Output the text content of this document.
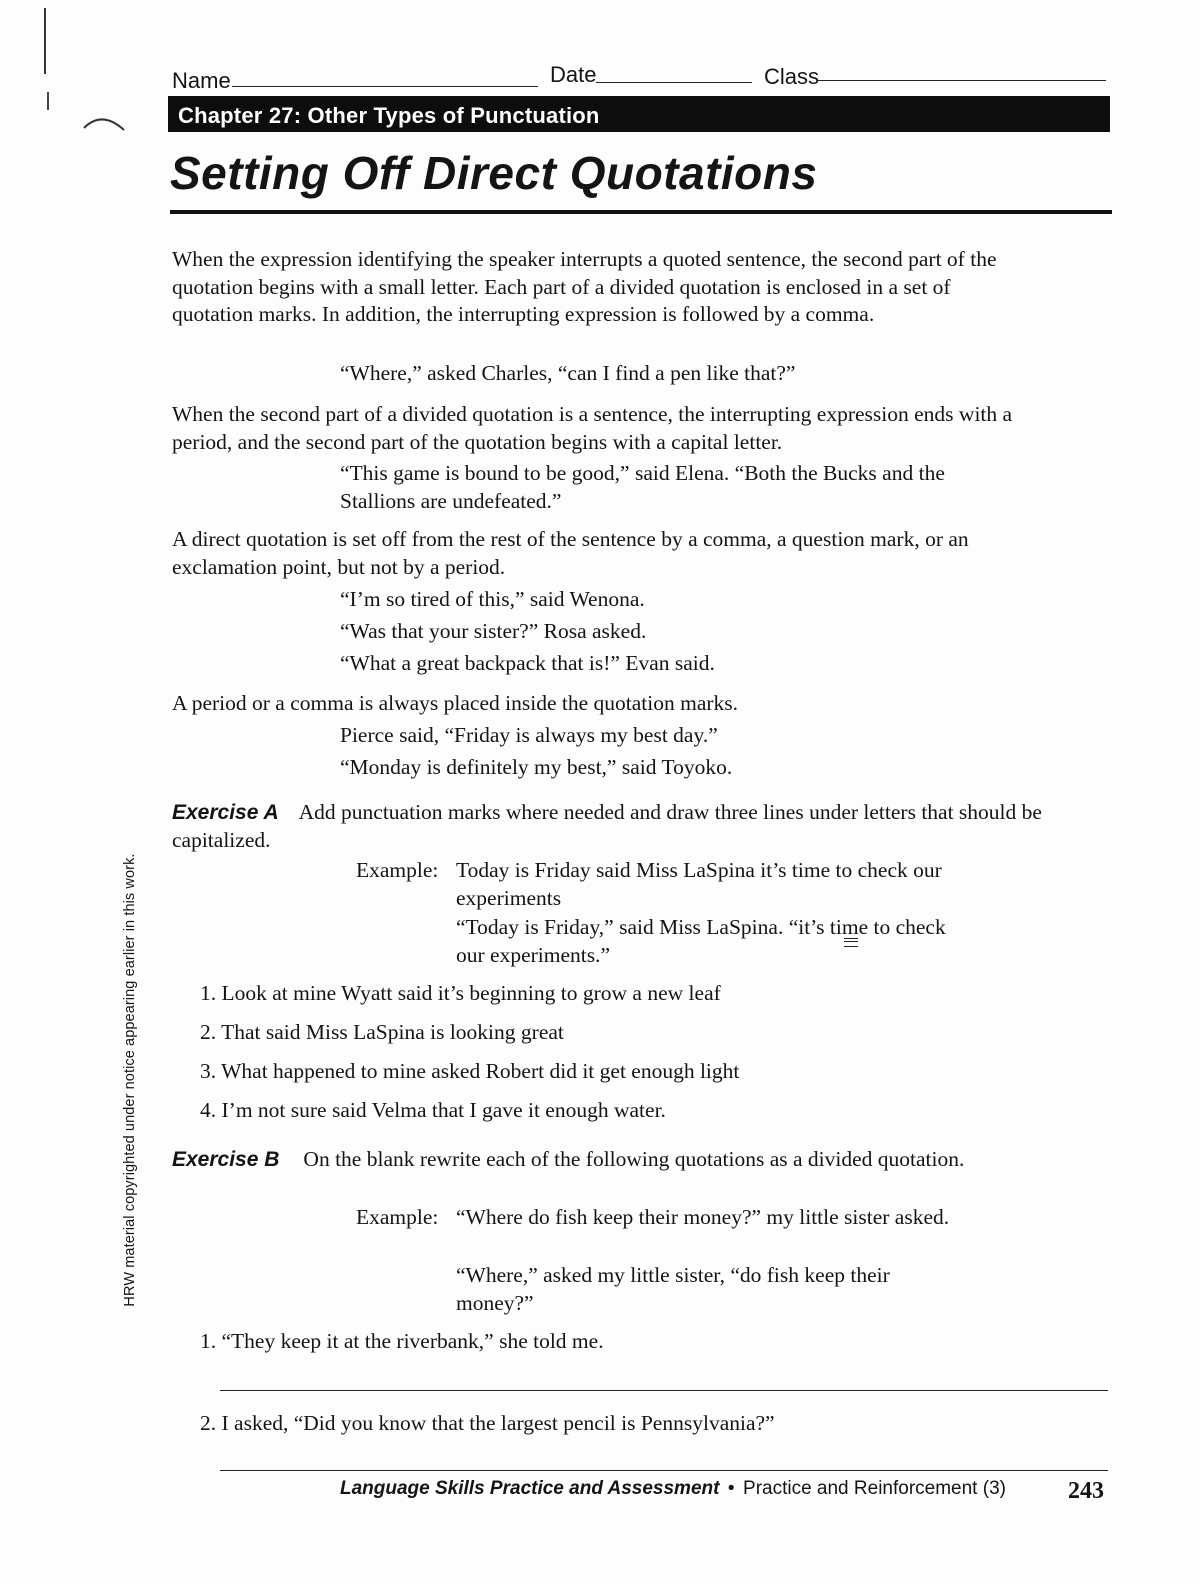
Name	Date	Class
Chapter 27: Other Types of Punctuation
Setting Off Direct Quotations
When the expression identifying the speaker interrupts a quoted sentence, the second part of the quotation begins with a small letter. Each part of a divided quotation is enclosed in a set of quotation marks. In addition, the interrupting expression is followed by a comma.
“Where,” asked Charles, “can I find a pen like that?”
When the second part of a divided quotation is a sentence, the interrupting expression ends with a period, and the second part of the quotation begins with a capital letter.
“This game is bound to be good,” said Elena. “Both the Bucks and the Stallions are undefeated.”
A direct quotation is set off from the rest of the sentence by a comma, a question mark, or an exclamation point, but not by a period.
“I’m so tired of this,” said Wenona.
“Was that your sister?” Rosa asked.
“What a great backpack that is!” Evan said.
A period or a comma is always placed inside the quotation marks.
Pierce said, “Friday is always my best day.”
“Monday is definitely my best,” said Toyoko.
Exercise A Add punctuation marks where needed and draw three lines under letters that should be capitalized.
Example: Today is Friday said Miss LaSpina it’s time to check our experiments
“Today is Friday,” said Miss LaSpina. “it’s time to check our experiments.”
1. Look at mine Wyatt said it’s beginning to grow a new leaf
2. That said Miss LaSpina is looking great
3. What happened to mine asked Robert did it get enough light
4. I’m not sure said Velma that I gave it enough water.
Exercise B On the blank rewrite each of the following quotations as a divided quotation.
Example: “Where do fish keep their money?” my little sister asked.
“Where,” asked my little sister, “do fish keep their money?”
1. “They keep it at the riverbank,” she told me.
2. I asked, “Did you know that the largest pencil is Pennsylvania?”
Language Skills Practice and Assessment • Practice and Reinforcement (3)	243
HRW material copyrighted under notice appearing earlier in this work.
